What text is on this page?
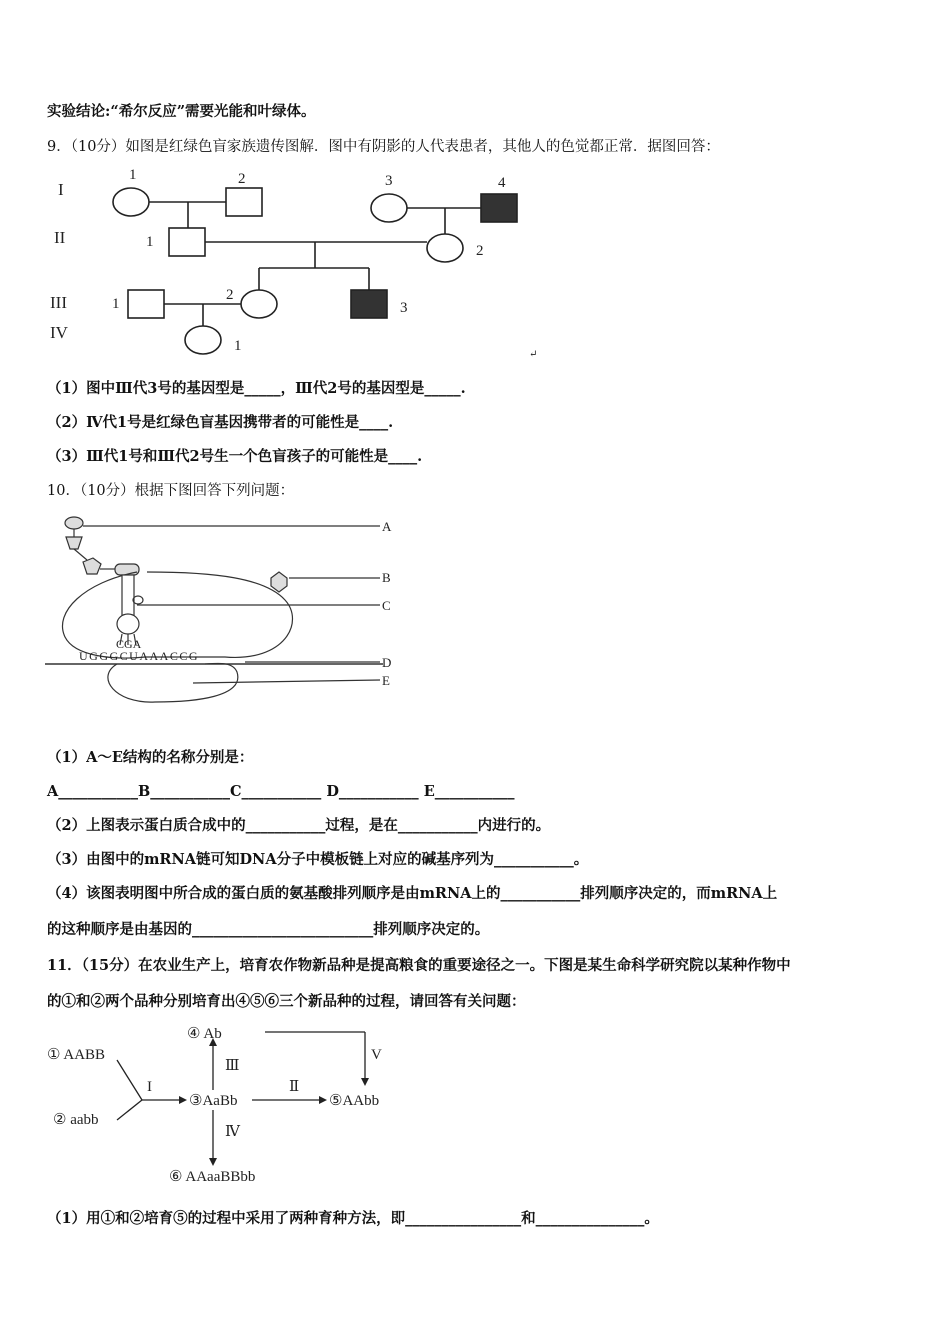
实验结论:“希尔反应”需要光能和叶绿体。
9．（10分）如图是红绿色盲家族遗传图解．图中有阴影的人代表患者，其他人的色觉都正常．据图回答：
I
II
III
IV
1	2	3	4
1
2
1
2
3
1
↵
（1）图中Ⅲ代3号的基因型是_____，Ⅲ代2号的基因型是_____.
（2）Ⅳ代1号是红绿色盲基因携带者的可能性是____.
（3）Ⅲ代1号和Ⅲ代2号生一个色盲孩子的可能性是____.
10．（10分）根据下图回答下列问题：
CGA
UGGGCUAAACCG
A
B
C
D
E
（1）A～E结构的名称分别是：
A___________B___________C___________ D___________ E___________
（2）上图表示蛋白质合成中的___________过程，是在___________内进行的。
（3）由图中的mRNA链可知DNA分子中模板链上对应的碱基序列为___________。
（4）该图表明图中所合成的蛋白质的氨基酸排列顺序是由mRNA上的___________排列顺序决定的，而mRNA上
的这种顺序是由基因的_________________________排列顺序决定的。
11．（15分）在农业生产上，培育农作物新品种是提高粮食的重要途径之一。下图是某生命科学研究院以某种作物中
的①和②两个品种分别培育出④⑤⑥三个新品种的过程，请回答有关问题：
① AABB
② aabb
③AaBb
④ Ab
⑤AAbb
⑥ AAaaBBbb
I	Ⅱ
Ⅲ
Ⅳ
V
（1）用①和②培育⑤的过程中采用了两种育种方法，即________________和_______________。
